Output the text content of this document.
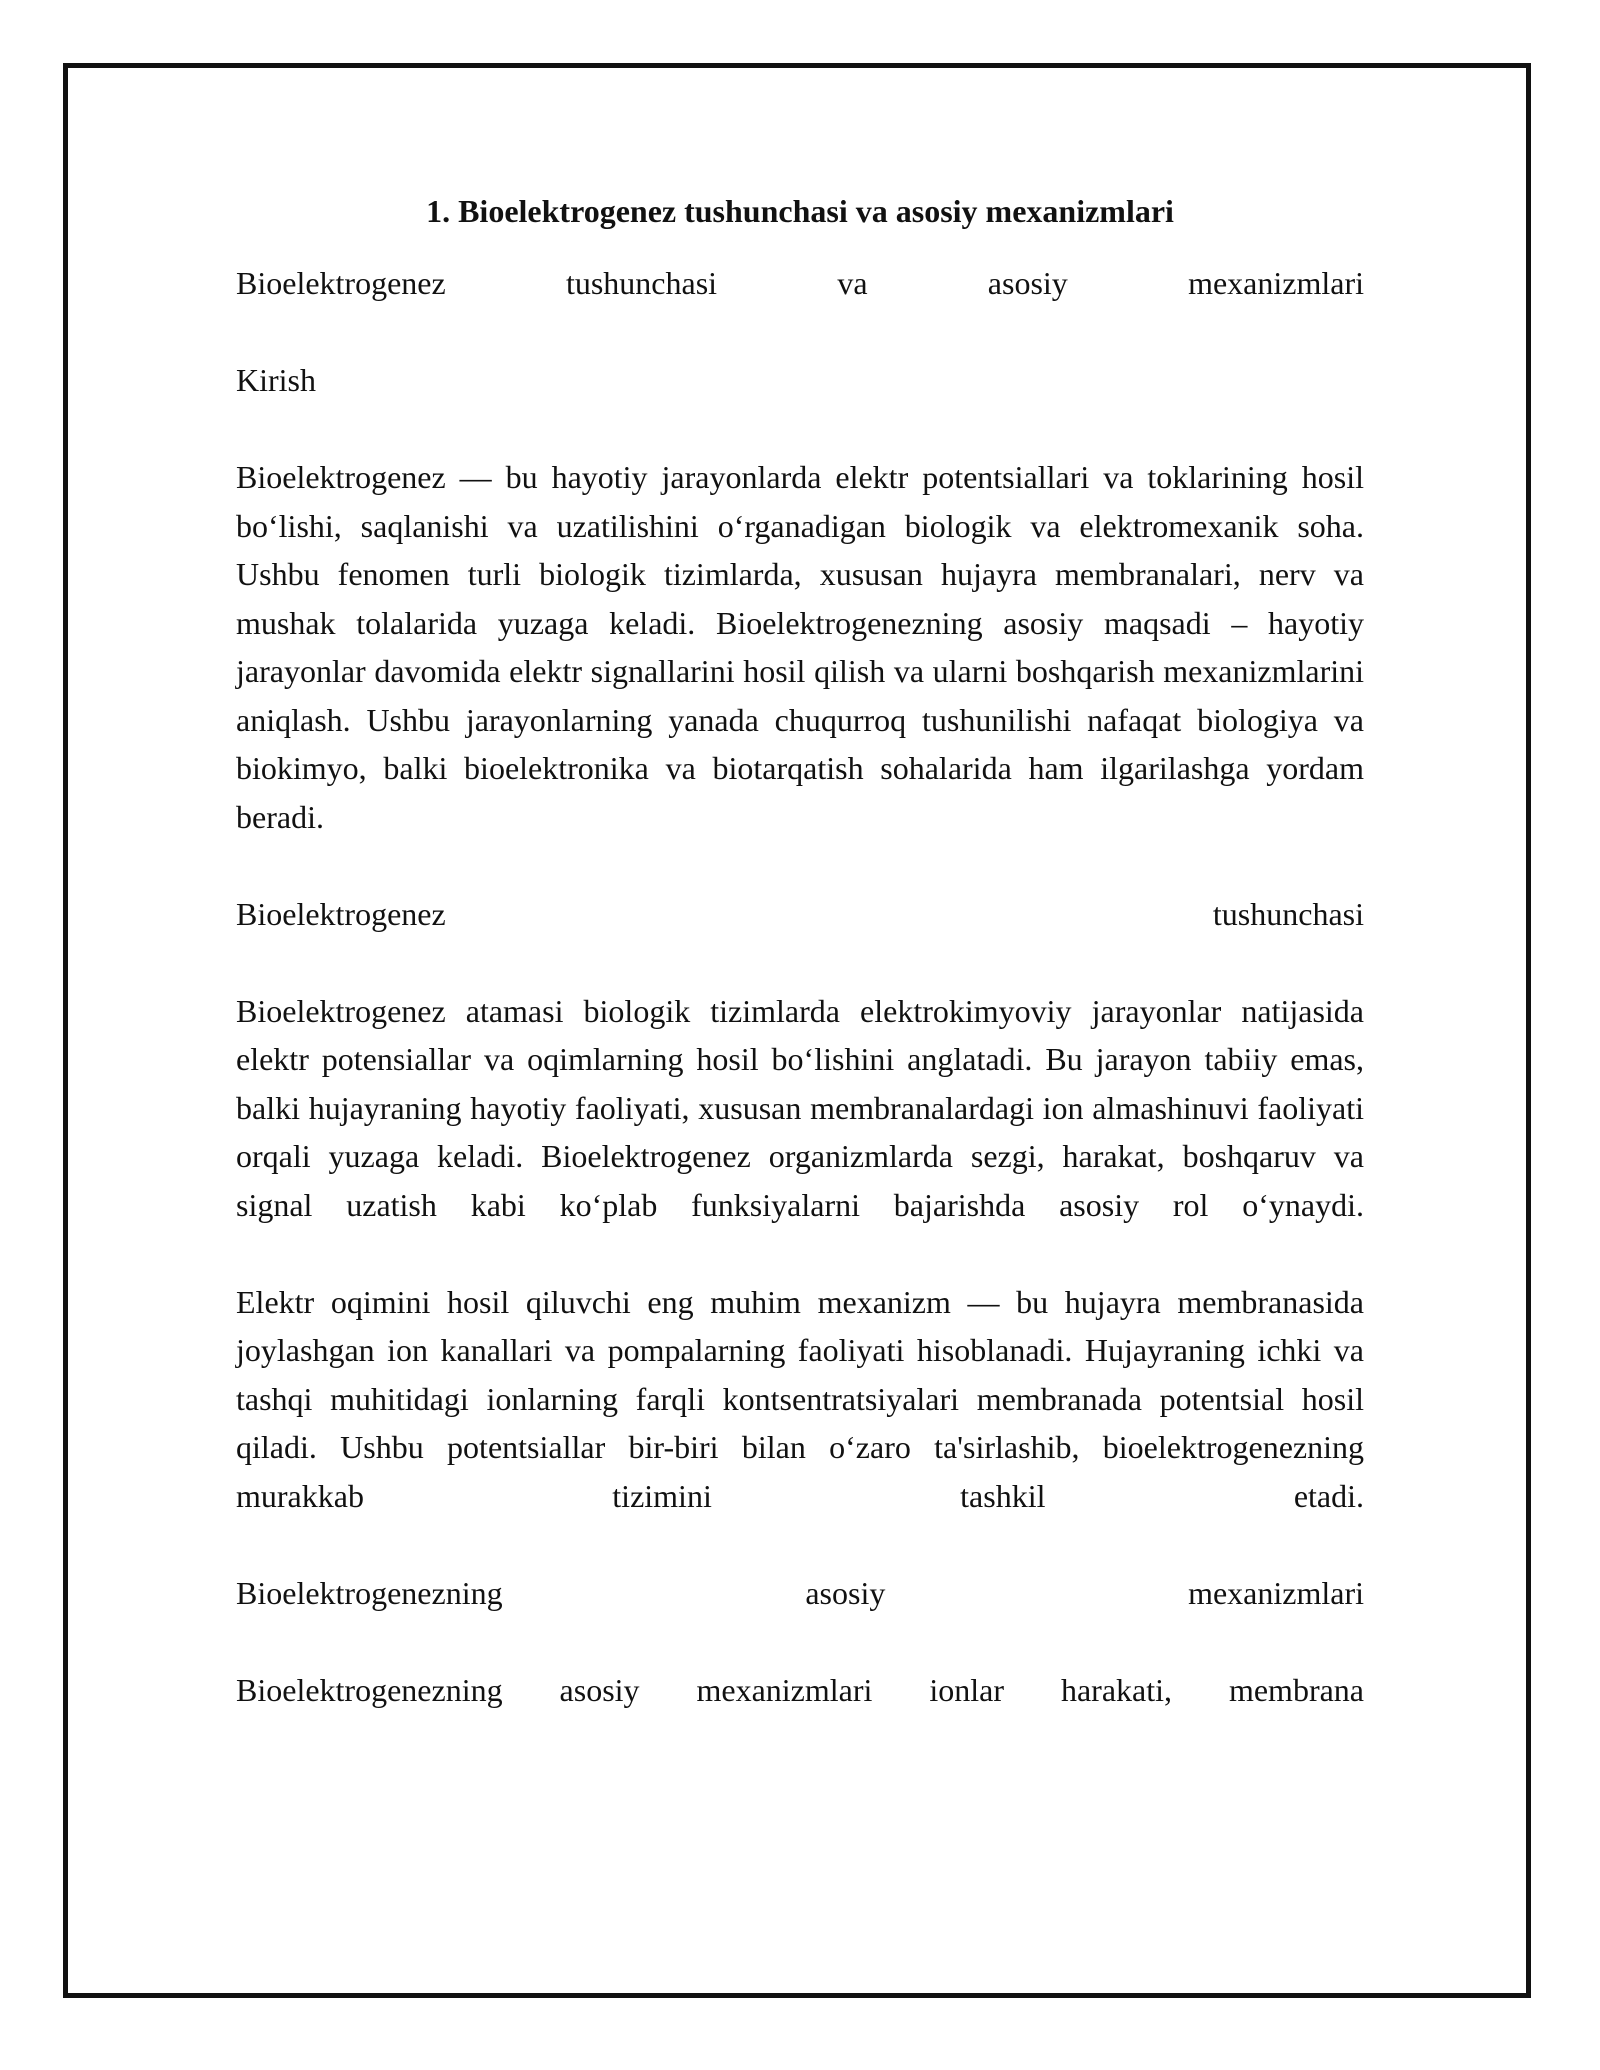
1. Bioelektrogenez tushunchasi va asosiy mexanizmlari

Bioelektrogenez tushunchasi va asosiy mexanizmlari

Kirish

Bioelektrogenez — bu hayotiy jarayonlarda elektr potentsiallari va toklarining hosil bo‘lishi, saqlanishi va uzatilishini o‘rganadigan biologik va elektromexanik soha. Ushbu fenomen turli biologik tizimlarda, xususan hujayra membranalari, nerv va mushak tolalarida yuzaga keladi. Bioelektrogenezning asosiy maqsadi – hayotiy jarayonlar davomida elektr signallarini hosil qilish va ularni boshqarish mexanizmlarini aniqlash. Ushbu jarayonlarning yanada chuqurroq tushunilishi nafaqat biologiya va biokimyo, balki bioelektronika va biotarqatish sohalarida ham ilgarilashga yordam beradi.

Bioelektrogenez tushunchasi

Bioelektrogenez atamasi biologik tizimlarda elektrokimyoviy jarayonlar natijasida elektr potensiallar va oqimlarning hosil bo‘lishini anglatadi. Bu jarayon tabiiy emas, balki hujayraning hayotiy faoliyati, xususan membranalardagi ion almashinuvi faoliyati orqali yuzaga keladi. Bioelektrogenez organizmlarda sezgi, harakat, boshqaruv va signal uzatish kabi ko‘plab funksiyalarni bajarishda asosiy rol o‘ynaydi.

Elektr oqimini hosil qiluvchi eng muhim mexanizm — bu hujayra membranasida joylashgan ion kanallari va pompalarning faoliyati hisoblanadi. Hujayraning ichki va tashqi muhitidagi ionlarning farqli kontsentratsiyalari membranada potentsial hosil qiladi. Ushbu potentsiallar bir-biri bilan o‘zaro ta'sirlashib, bioelektrogenezning murakkab tizimini tashkil etadi.

Bioelektrogenezning asosiy mexanizmlari

Bioelektrogenezning asosiy mexanizmlari ionlar harakati, membrana
